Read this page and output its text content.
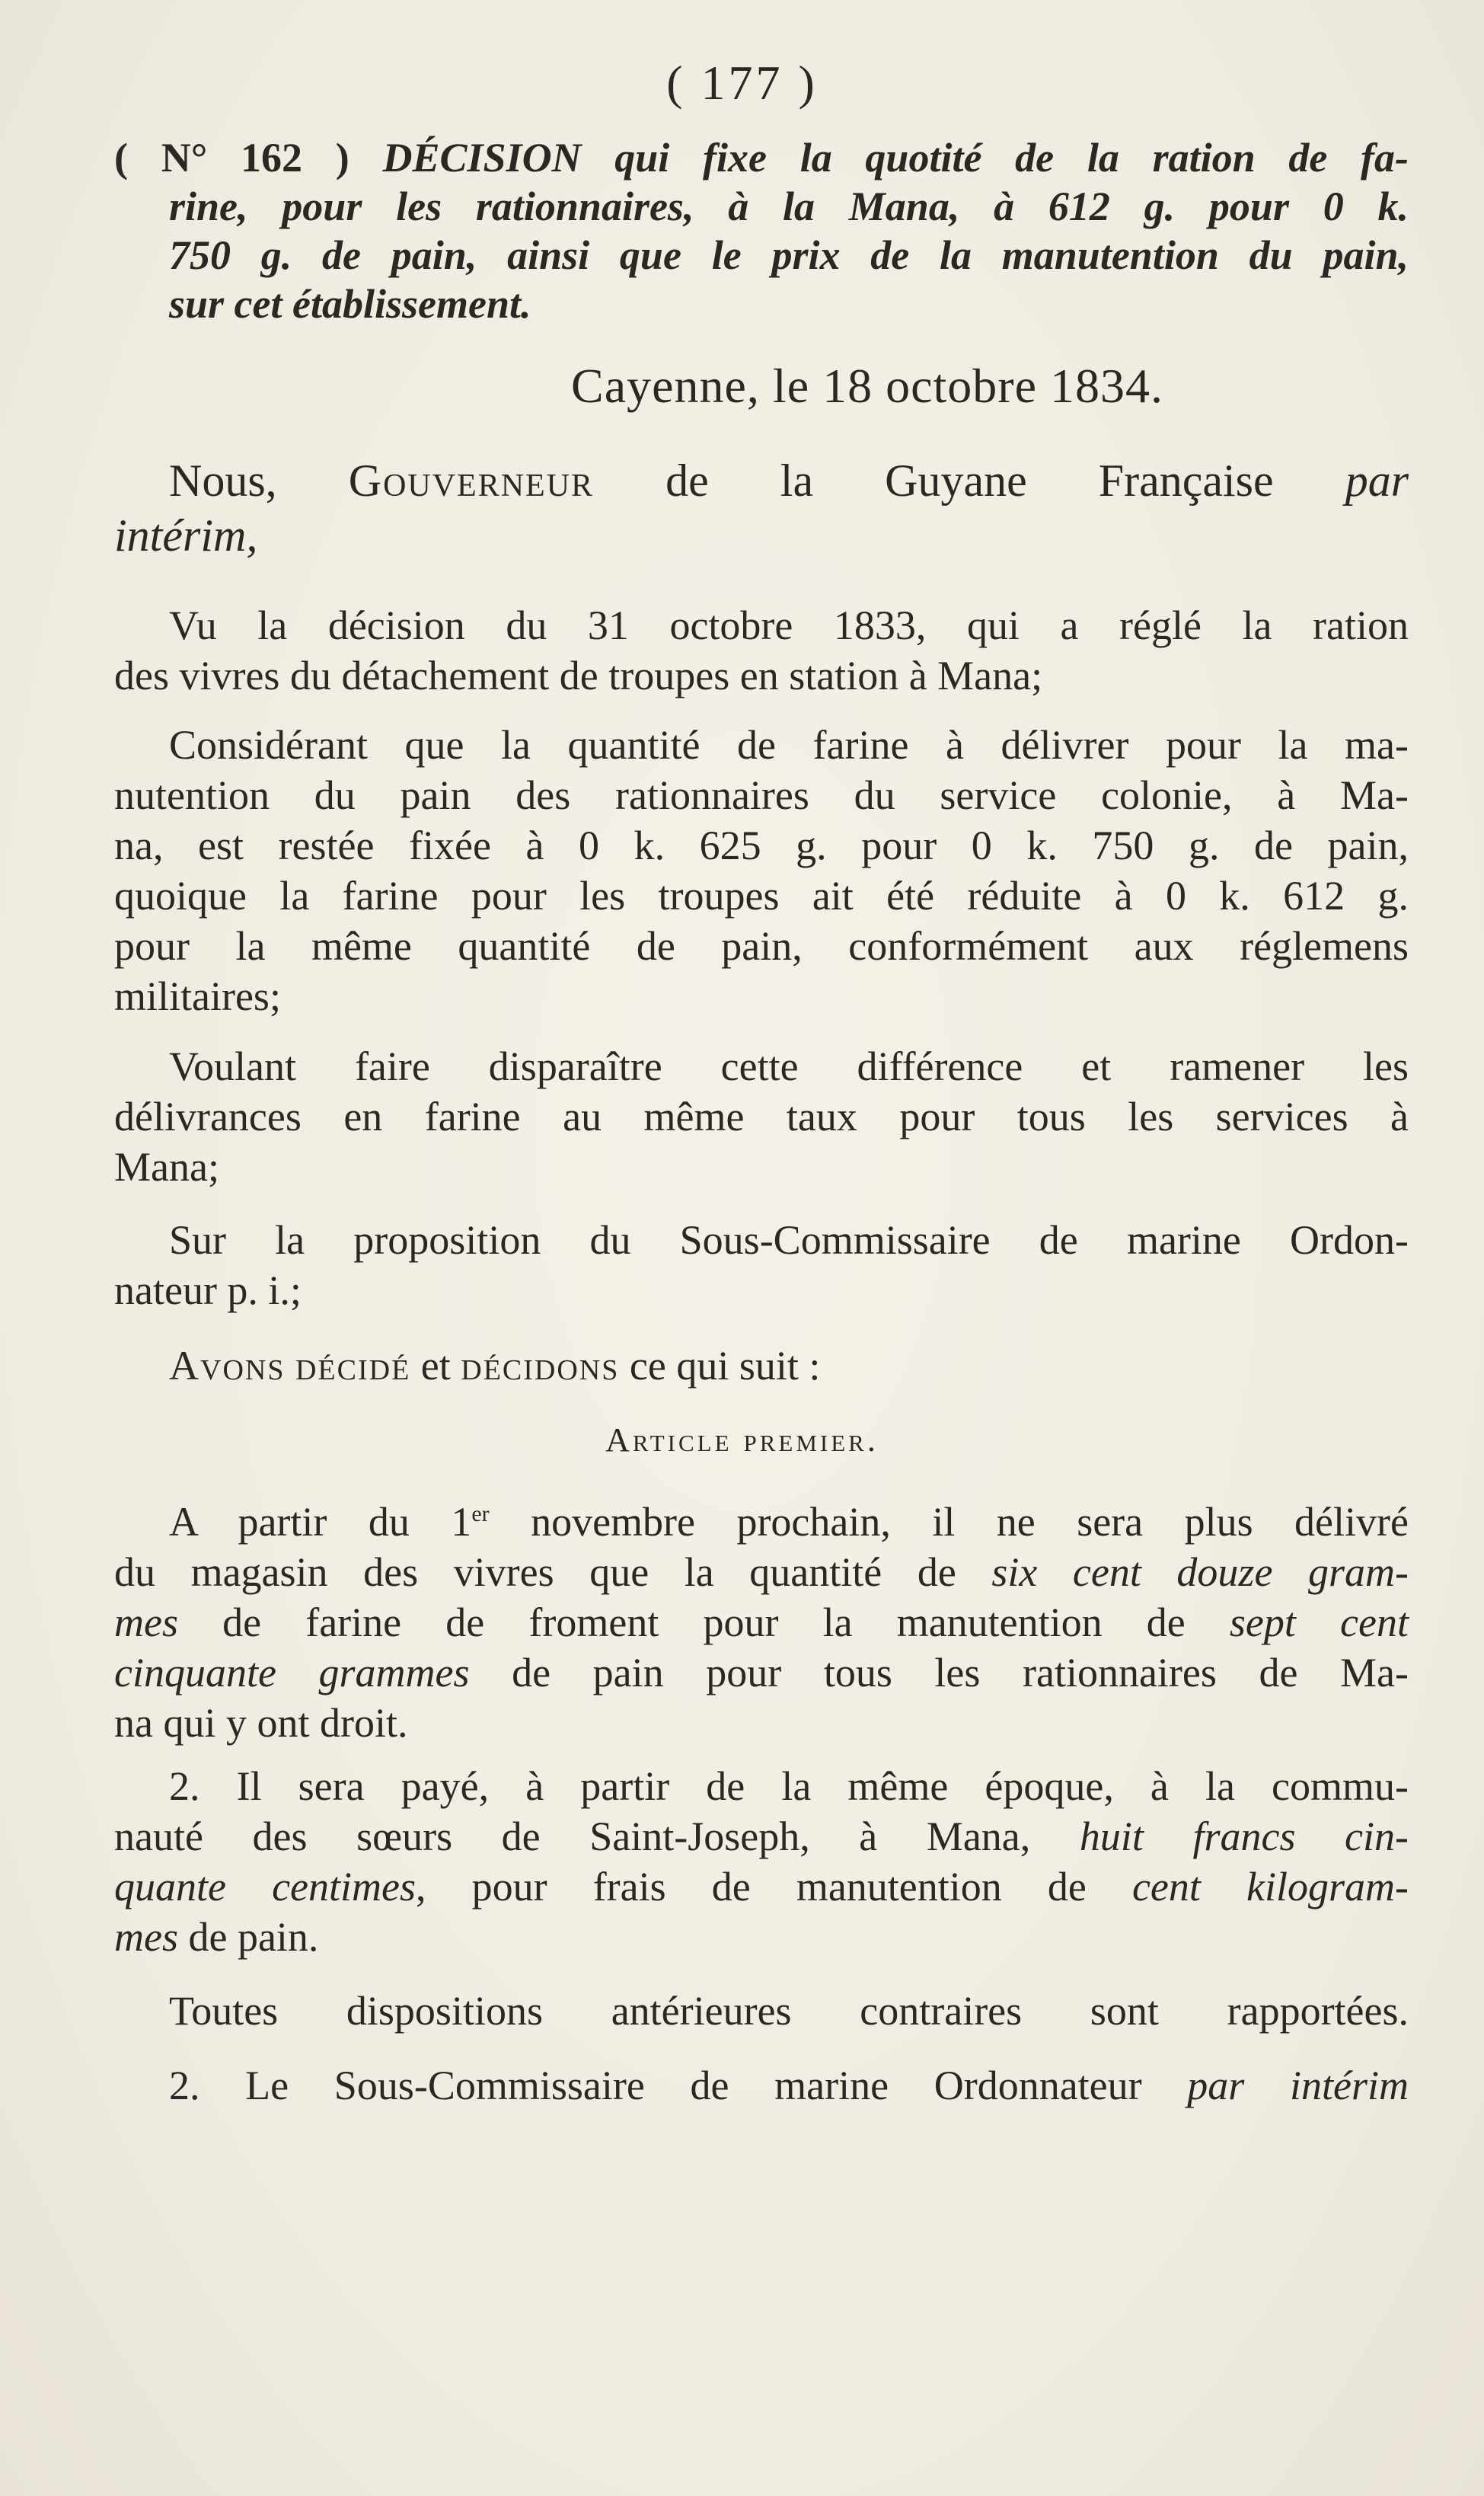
( 177 )
( N° 162 ) DÉCISION qui fixe la quotité de la ration de fa-
rine, pour les rationnaires, à la Mana, à 612 g. pour 0 k.
750 g. de pain, ainsi que le prix de la manutention du pain,
sur cet établissement.
Cayenne, le 18 octobre 1834.
Nous, Gouverneur de la Guyane Française par
intérim,
Vu la décision du 31 octobre 1833, qui a réglé la ration
des vivres du détachement de troupes en station à Mana;
Considérant que la quantité de farine à délivrer pour la ma-
nutention du pain des rationnaires du service colonie, à Ma-
na, est restée fixée à 0 k. 625 g. pour 0 k. 750 g. de pain,
quoique la farine pour les troupes ait été réduite à 0 k. 612 g.
pour la même quantité de pain, conformément aux réglemens
militaires;
Voulant faire disparaître cette différence et ramener les
délivrances en farine au même taux pour tous les services à
Mana;
Sur la proposition du Sous-Commissaire de marine Ordon-
nateur p. i.;
Avons décidé et décidons ce qui suit :
Article premier.
A partir du 1er novembre prochain, il ne sera plus délivré
du magasin des vivres que la quantité de six cent douze gram-
mes de farine de froment pour la manutention de sept cent
cinquante grammes de pain pour tous les rationnaires de Ma-
na qui y ont droit.
2. Il sera payé, à partir de la même époque, à la commu-
nauté des sœurs de Saint-Joseph, à Mana, huit francs cin-
quante centimes, pour frais de manutention de cent kilogram-
mes de pain.
Toutes dispositions antérieures contraires sont rapportées.
2. Le Sous-Commissaire de marine Ordonnateur par intérim
